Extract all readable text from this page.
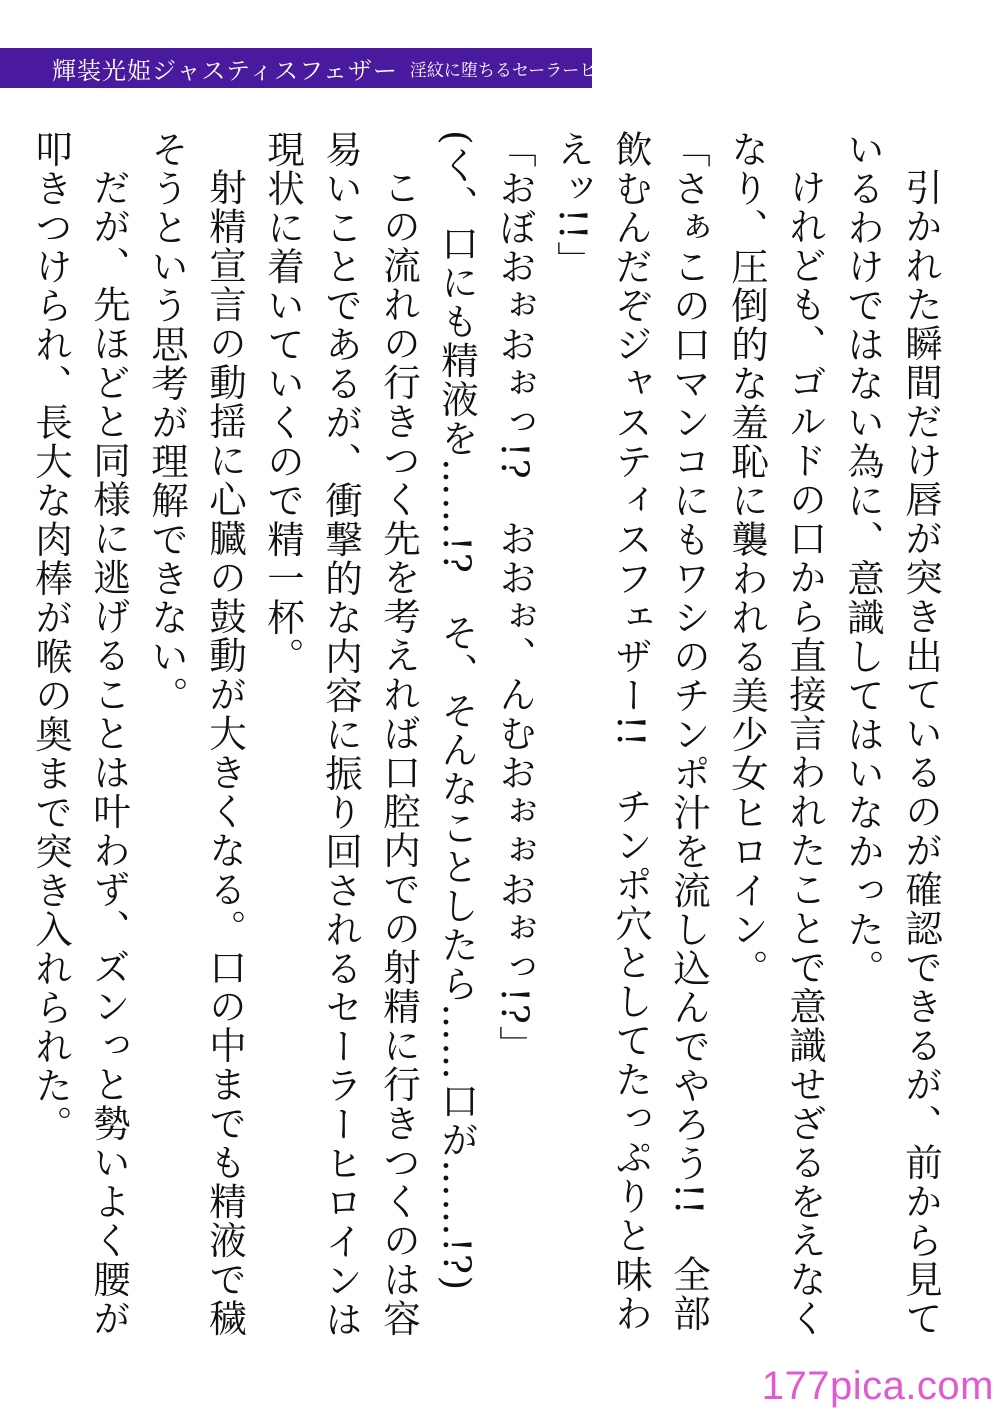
輝装光姫ジャスティスフェザー 淫紋に堕ちるセーラーヒロイン

引かれた瞬間だけ唇が突き出ているのが確認できるが、前から見ているわけではない為に、意識してはいなかった。

けれども、ゴルドの口から直接言われたことで意識せざるをえなくなり、圧倒的な羞恥に襲われる美少女ヒロイン。

「さぁこの口マンコにもワシのチンポ汁を流し込んでやろう!!　全部飲むんだぞジャスティスフェザー!!　チンポ穴としてたっぷりと味わえッ!!」

「おぼおぉおぉっ!?　おおぉ、んむおぉぉおぉっ!?」

(く、口にも精液を……!?　そ、そんなことしたら……口が……!?)

この流れの行きつく先を考えれば口腔内での射精に行きつくのは容易いことであるが、衝撃的な内容に振り回されるセーラーヒロインは現状に着いていくので精一杯。

射精宣言の動揺に心臓の鼓動が大きくなる。口の中までも精液で穢そうという思考が理解できない。

だが、先ほどと同様に逃げることは叶わず、ズンっと勢いよく腰が叩きつけられ、長大な肉棒が喉の奥まで突き入れられた。

177pica.com
